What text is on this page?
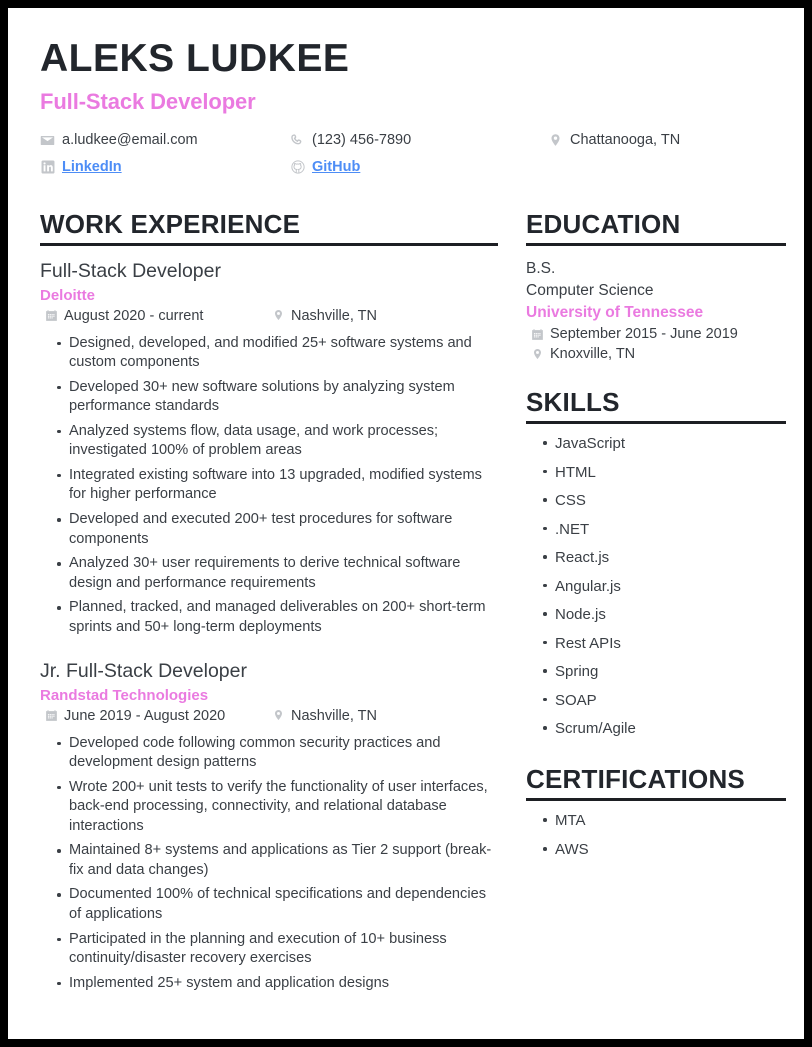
ALEKS LUDKEE
Full-Stack Developer
a.ludkee@email.com	(123) 456-7890	Chattanooga, TN
LinkedIn	GitHub
WORK EXPERIENCE
Full-Stack Developer
Deloitte
August 2020 - current	Nashville, TN
Designed, developed, and modified 25+ software systems and custom components
Developed 30+ new software solutions by analyzing system performance standards
Analyzed systems flow, data usage, and work processes; investigated 100% of problem areas
Integrated existing software into 13 upgraded, modified systems for higher performance
Developed and executed 200+ test procedures for software components
Analyzed 30+ user requirements to derive technical software design and performance requirements
Planned, tracked, and managed deliverables on 200+ short-term sprints and 50+ long-term deployments
Jr. Full-Stack Developer
Randstad Technologies
June 2019 - August 2020	Nashville, TN
Developed code following common security practices and development design patterns
Wrote 200+ unit tests to verify the functionality of user interfaces, back-end processing, connectivity, and relational database interactions
Maintained 8+ systems and applications as Tier 2 support (break-fix and data changes)
Documented 100% of technical specifications and dependencies of applications
Participated in the planning and execution of 10+ business continuity/disaster recovery exercises
Implemented 25+ system and application designs
EDUCATION
B.S.
Computer Science
University of Tennessee
September 2015 - June 2019
Knoxville, TN
SKILLS
JavaScript
HTML
CSS
.NET
React.js
Angular.js
Node.js
Rest APIs
Spring
SOAP
Scrum/Agile
CERTIFICATIONS
MTA
AWS
